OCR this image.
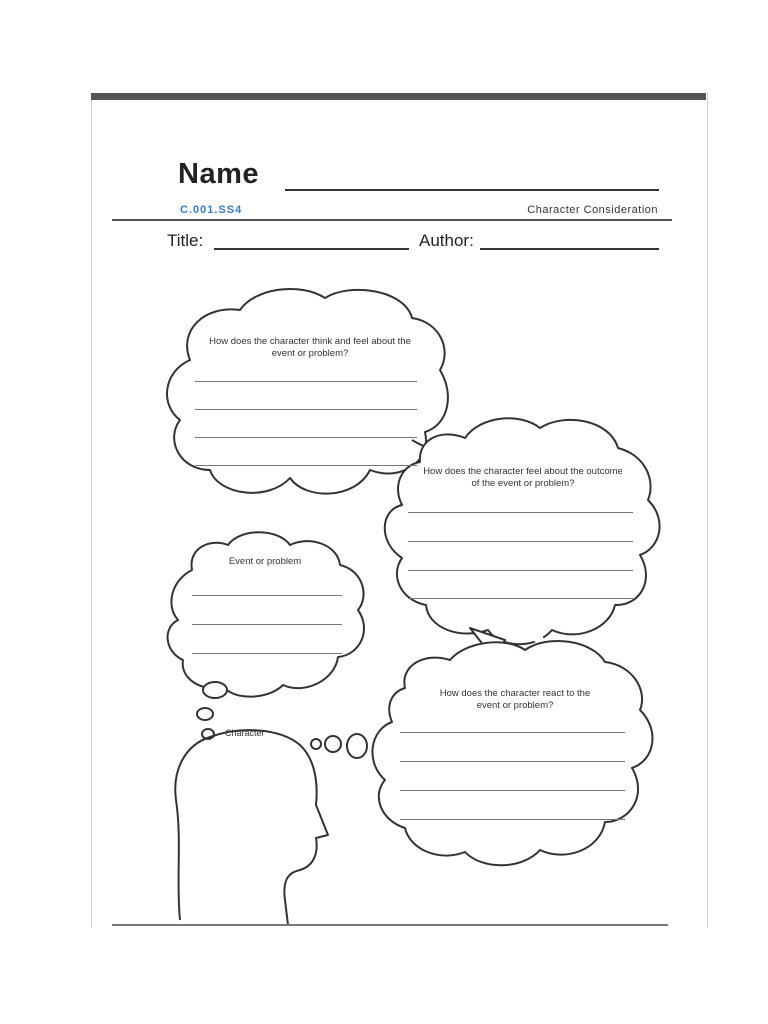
Name
C.001.SS4	Character Consideration
Title:	Author:
How does the character think and feel about the event or problem?
How does the character feel about the outcome of the event or problem?
Event or problem
How does the character react to the event or problem?
Character
